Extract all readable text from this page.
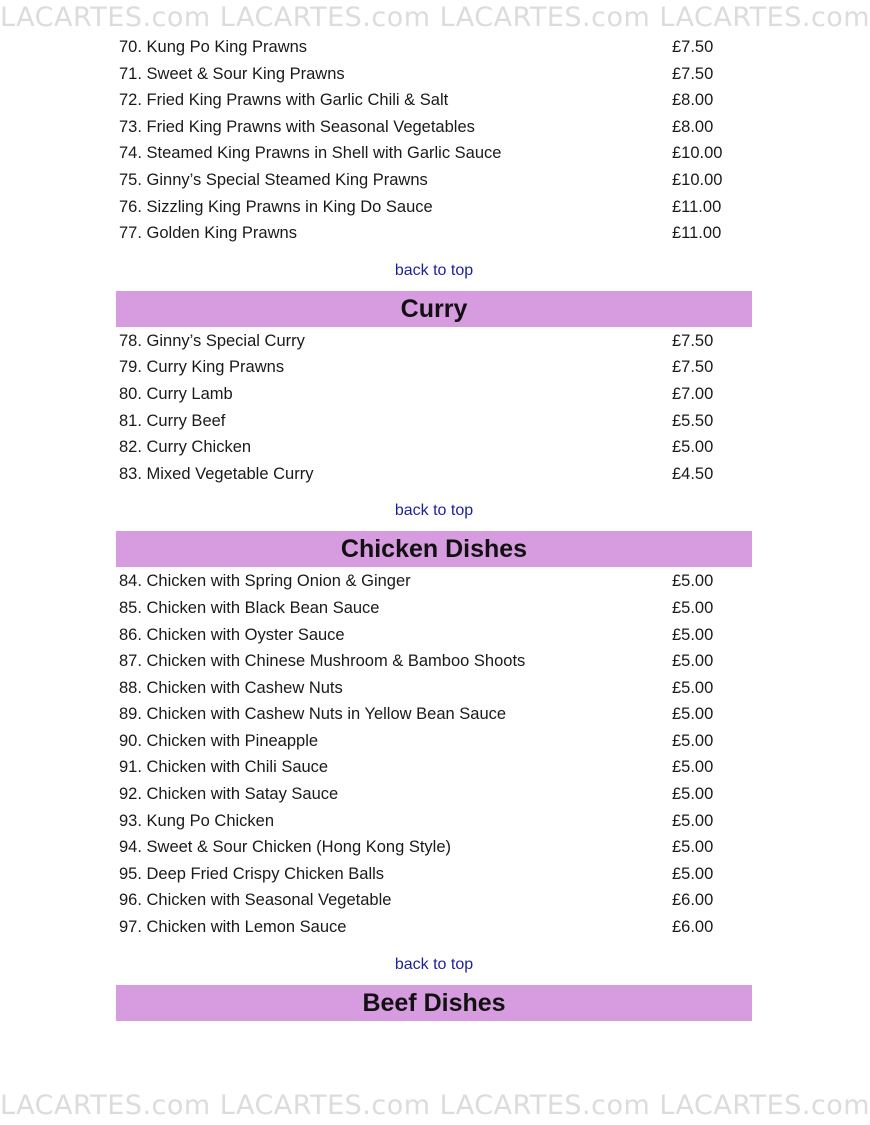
LACARTES.com LACARTES.com LACARTES.com LACARTES.com
70. Kung Po King Prawns	£7.50
71. Sweet & Sour King Prawns	£7.50
72. Fried King Prawns with Garlic Chili & Salt	£8.00
73. Fried King Prawns with Seasonal Vegetables	£8.00
74. Steamed King Prawns in Shell with Garlic Sauce	£10.00
75. Ginny’s Special Steamed King Prawns	£10.00
76. Sizzling King Prawns in King Do Sauce	£11.00
77. Golden King Prawns	£11.00
back to top
Curry
78. Ginny’s Special Curry	£7.50
79. Curry King Prawns	£7.50
80. Curry Lamb	£7.00
81. Curry Beef	£5.50
82. Curry Chicken	£5.00
83. Mixed Vegetable Curry	£4.50
back to top
Chicken Dishes
84. Chicken with Spring Onion & Ginger	£5.00
85. Chicken with Black Bean Sauce	£5.00
86. Chicken with Oyster Sauce	£5.00
87. Chicken with Chinese Mushroom & Bamboo Shoots	£5.00
88. Chicken with Cashew Nuts	£5.00
89. Chicken with Cashew Nuts in Yellow Bean Sauce	£5.00
90. Chicken with Pineapple	£5.00
91. Chicken with Chili Sauce	£5.00
92. Chicken with Satay Sauce	£5.00
93. Kung Po Chicken	£5.00
94. Sweet & Sour Chicken (Hong Kong Style)	£5.00
95. Deep Fried Crispy Chicken Balls	£5.00
96. Chicken with Seasonal Vegetable	£6.00
97. Chicken with Lemon Sauce	£6.00
back to top
Beef Dishes
LACARTES.com LACARTES.com LACARTES.com LACARTES.com
